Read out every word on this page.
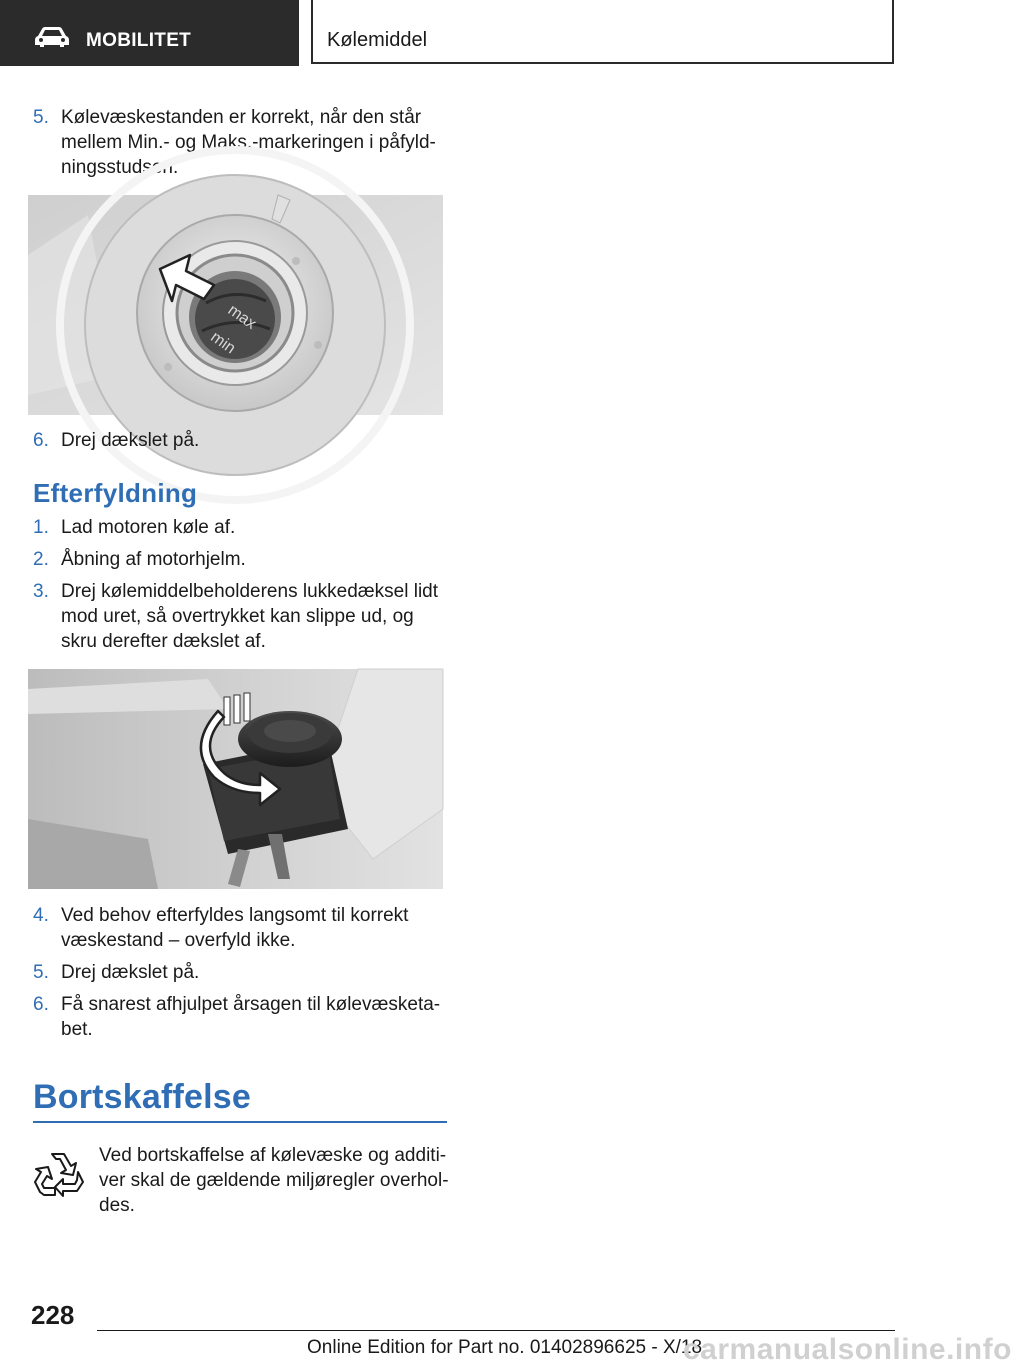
MOBILITET	Kølemiddel
5. Kølevæskestanden er korrekt, når den står mellem Min.- og Maks.-markeringen i påfyldningsstudsen.
max
min
6. Drej dækslet på.
Efterfyldning
1. Lad motoren køle af.
2. Åbning af motorhjelm.
3. Drej kølemiddelbeholderens lukkedæksel lidt mod uret, så overtrykket kan slippe ud, og skru derefter dækslet af.
4. Ved behov efterfyldes langsomt til korrekt væskestand – overfyld ikke.
5. Drej dækslet på.
6. Få snarest afhjulpet årsagen til kølevæsketabet.
Bortskaffelse
Ved bortskaffelse af kølevæske og additiver skal de gældende miljøregler overholdes.
228
Online Edition for Part no. 01402896625 - X/18
carmanualsonline.info
